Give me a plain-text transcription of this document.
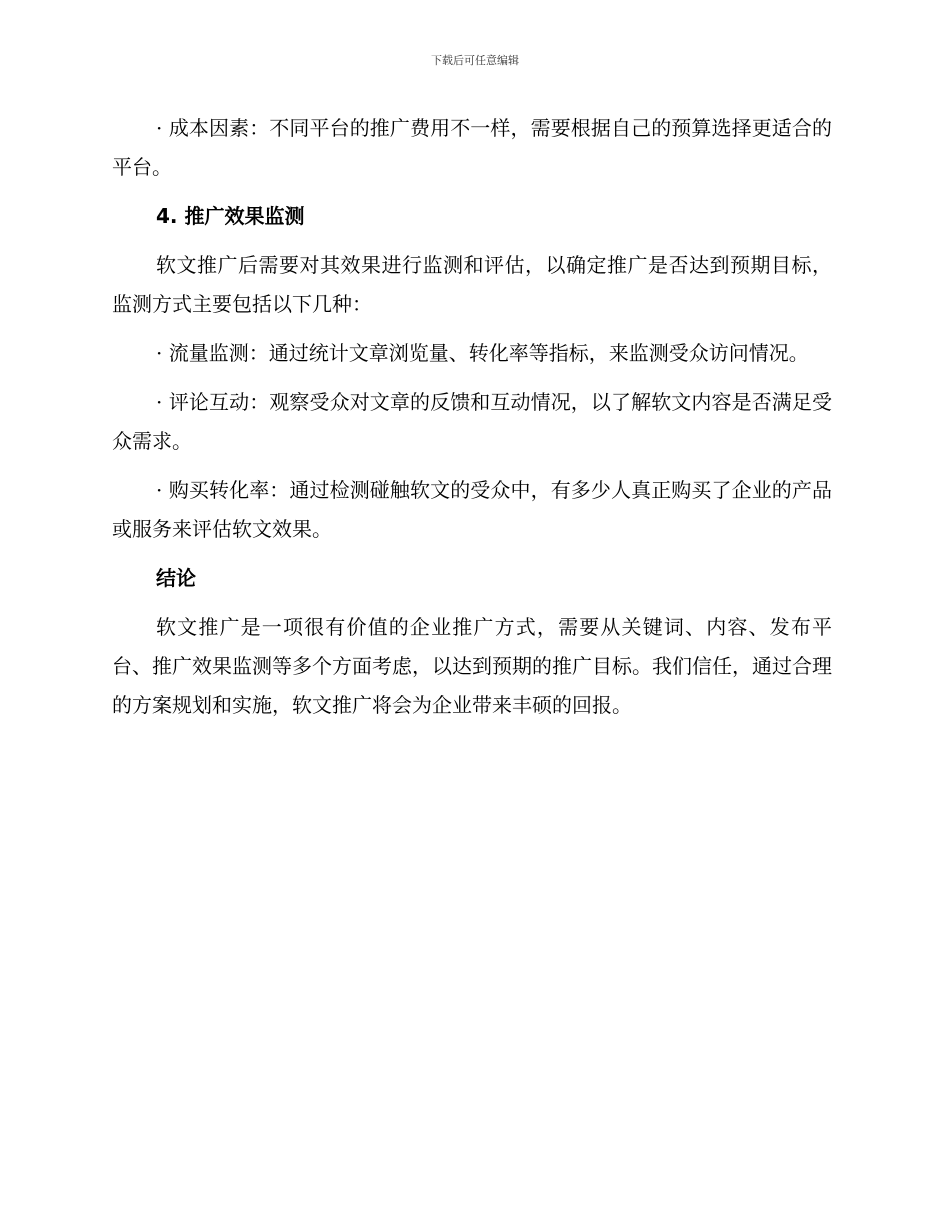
下载后可任意编辑

· 成本因素：不同平台的推广费用不一样，需要根据自己的预算选择更适合的平台。

4. 推广效果监测

软文推广后需要对其效果进行监测和评估，以确定推广是否达到预期目标，监测方式主要包括以下几种：

· 流量监测：通过统计文章浏览量、转化率等指标，来监测受众访问情况。

· 评论互动：观察受众对文章的反馈和互动情况，以了解软文内容是否满足受众需求。

· 购买转化率：通过检测碰触软文的受众中，有多少人真正购买了企业的产品或服务来评估软文效果。

结论

软文推广是一项很有价值的企业推广方式，需要从关键词、内容、发布平台、推广效果监测等多个方面考虑，以达到预期的推广目标。我们信任，通过合理的方案规划和实施，软文推广将会为企业带来丰硕的回报。
